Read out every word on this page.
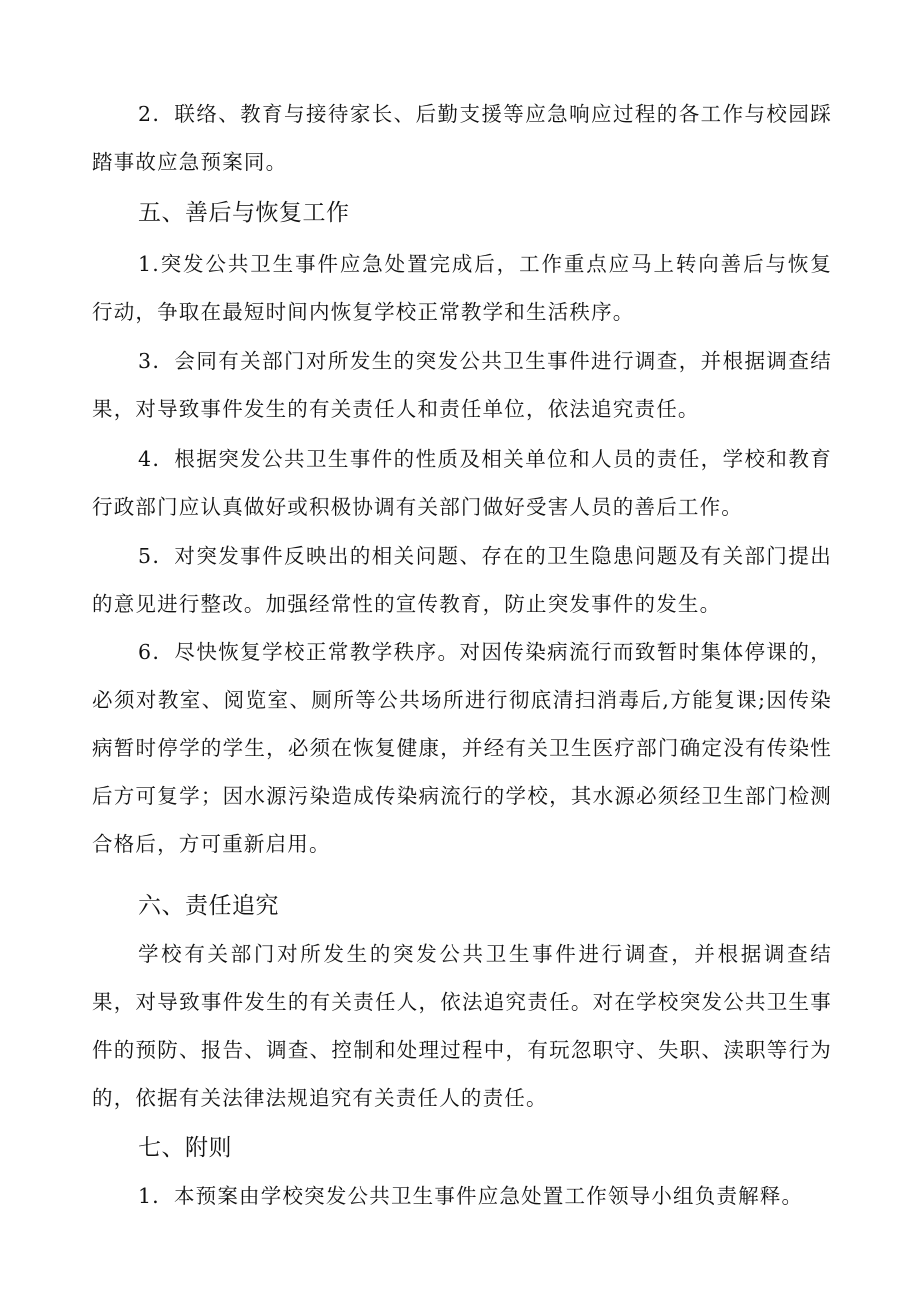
2．联络、教育与接待家长、后勤支援等应急响应过程的各工作与校园踩踏事故应急预案同。

五、善后与恢复工作

1.突发公共卫生事件应急处置完成后，工作重点应马上转向善后与恢复行动，争取在最短时间内恢复学校正常教学和生活秩序。

3．会同有关部门对所发生的突发公共卫生事件进行调查，并根据调查结果，对导致事件发生的有关责任人和责任单位，依法追究责任。

4．根据突发公共卫生事件的性质及相关单位和人员的责任，学校和教育行政部门应认真做好或积极协调有关部门做好受害人员的善后工作。

5．对突发事件反映出的相关问题、存在的卫生隐患问题及有关部门提出的意见进行整改。加强经常性的宣传教育，防止突发事件的发生。

6．尽快恢复学校正常教学秩序。对因传染病流行而致暂时集体停课的，必须对教室、阅览室、厕所等公共场所进行彻底清扫消毒后,方能复课;因传染病暂时停学的学生，必须在恢复健康，并经有关卫生医疗部门确定没有传染性后方可复学；因水源污染造成传染病流行的学校，其水源必须经卫生部门检测合格后，方可重新启用。

六、责任追究

学校有关部门对所发生的突发公共卫生事件进行调查，并根据调查结果，对导致事件发生的有关责任人，依法追究责任。对在学校突发公共卫生事件的预防、报告、调查、控制和处理过程中，有玩忽职守、失职、渎职等行为的，依据有关法律法规追究有关责任人的责任。

七、附则

1．本预案由学校突发公共卫生事件应急处置工作领导小组负责解释。
